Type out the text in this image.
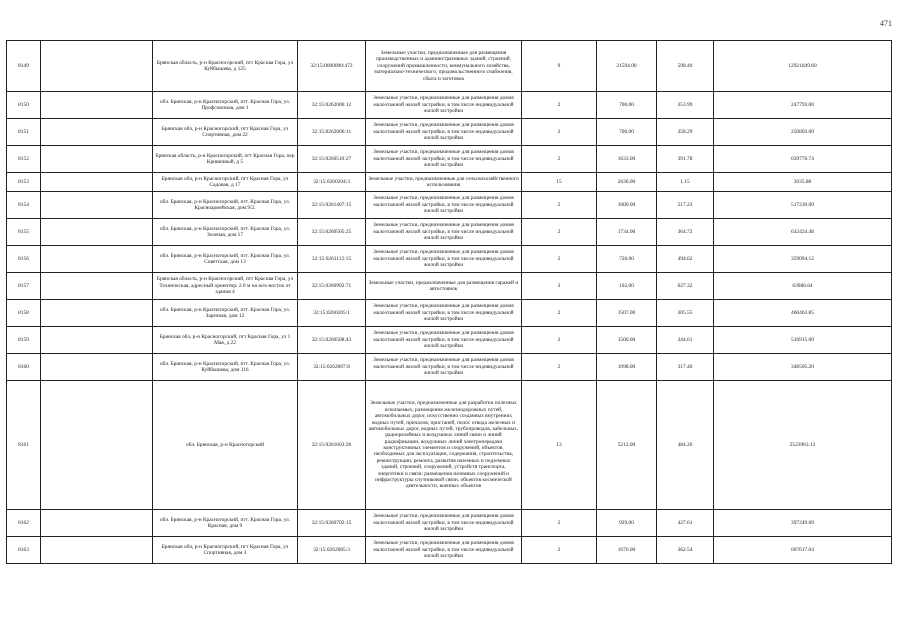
471
8149		Брянская область, р-н Красногорский, пгт Красная Гора, ул Куйбышева, д 125	32:15:0000000:472	Земельные участки, предназначенные для размещения производственных и административных зданий, строений, сооружений промышленности, коммунального хозяйства, материально-технического, продовольственного снабжения, сбыта и заготовок	9	21594.00	598.40	12921849.60
8150		обл. Брянская, р-н Красногорский, пгт. Красная Гора, ул. Профсоюзная, дом 1	32:15:0262006:12	Земельные участки, предназначенные для размещения домов малоэтажной жилой застройки, в том числе индивидуальной жилой застройки	2	700.00	353.99	247793.00
8151		Брянская обл, р-н Красногорский, пгт Красная Гора, ул Спортивная, дом 22	32:15:0262006:11	Земельные участки, предназначенные для размещения домов малоэтажной жилой застройки, в том числе индивидуальной жилой застройки	2	700.00	358.29	250803.00
8152		Брянская область, р-н Красногорский, пгт Красная Гора, пер Кривичный, д 5	32:15:0260510:27	Земельные участки, предназначенные для размещения домов малоэтажной жилой застройки, в том числе индивидуальной жилой застройки	2	1633.00	391.78	639776.74
8153		Брянская обл, р-н Красногорский, пгт Красная Гора, ул Садовая, д 17	32:15:0260204:3	Земельные участки, предназначенные для сельскохозяйственного использования	15	2636.00	1.15	3035.88
8154		обл. Брянская, р-н Красногорский, пгт. Красная Гора, ул. Красноармейская, дом 9/2.	32:15:0261407:15	Земельные участки, предназначенные для размещения домов малоэтажной жилой застройки, в том числе индивидуальной жилой застройки	2	1000.00	517.23	517230.00
8155		обл. Брянская, р-н Красногорский, пгт. Красная Гора, ул. Зеленая, дом 17	32:15:0260505:25	Земельные участки, предназначенные для размещения домов малоэтажной жилой застройки, в том числе индивидуальной жилой застройки	2	1734.00	364.72	632424.48
8156		обл. Брянская, р-н Красногорский, пгт. Красная Гора, ул. Советская, дом 13	32:15:0261112:15	Земельные участки, предназначенные для размещения домов малоэтажной жилой застройки, в том числе индивидуальной жилой застройки	2	726.00	494.62	359094.12
8157		Брянская область, р-н Красногорский, пгт Красная Гора, ул Техническая, адресный ориентир: 2.0 м на юго-восток от здания 4	32:15:0260902:71	Земельные участки, предназначенные для размещения гаражей и автостоянок	3	102.00	627.32	63986.64
8158		обл. Брянская, р-н Красногорский, пгт. Красная Гора, ул. Заречная, дом 12	32:15:0260205:1	Земельные участки, предназначенные для размещения домов малоэтажной жилой застройки, в том числе индивидуальной жилой застройки	2	1507.00	305.55	460463.85
8159		Брянская обл, р-н Красногорский, пгт Красная Гора, ул 1 Мая, д 22	32:15:0260508:43	Земельные участки, предназначенные для размещения домов малоэтажной жилой застройки, в том числе индивидуальной жилой застройки	2	1500.00	344.61	516915.00
8160		обл. Брянская, р-н Красногорский, пгт. Красная Гора, ул. Куйбышева, дом 116	32:15:0262007:8	Земельные участки, предназначенные для размещения домов малоэтажной жилой застройки, в том числе индивидуальной жилой застройки	2	1098.00	317.40	348505.20
8161		обл. Брянская, р-н Красногорский	32:15:0261603:26	Земельные участки, предназначенные для разработки полезных ископаемых, размещения железнодорожных путей, автомобильных дорог, искусственно созданных внутренних водных путей, причалов, пристаней, полос отвода железных и автомобильных дорог, водных путей, трубопроводов, кабельных, радиорелейных и воздушных линий связи и линий радиофикации, воздушных линий электропередачи конструктивных элементов и сооружений, объектов, необходимых для эксплуатации, содержания, строительства, реконструкции, ремонта, развития наземных и подземных зданий, строений, сооружений, устройств транспорта, энергетики и связи; размещения наземных сооружений и инфраструктуры спутниковой связи, объектов космической деятельности, военных объектов	13	5212.00	484.26	2523963.12
8162		обл. Брянская, р-н Красногорский, пгт. Красная Гора, ул. Красная, дом 9	32:15:0260702:15	Земельные участки, предназначенные для размещения домов малоэтажной жилой застройки, в том числе индивидуальной жилой застройки	2	929.00	427.61	397249.69
8163		Брянская обл, р-н Красногорский, пгт Красная Гора, ул Спортивная, дом 3	32:15:0262005:3	Земельные участки, предназначенные для размещения домов малоэтажной жилой застройки, в том числе индивидуальной жилой застройки	2	1676.00	362.54	607617.04
